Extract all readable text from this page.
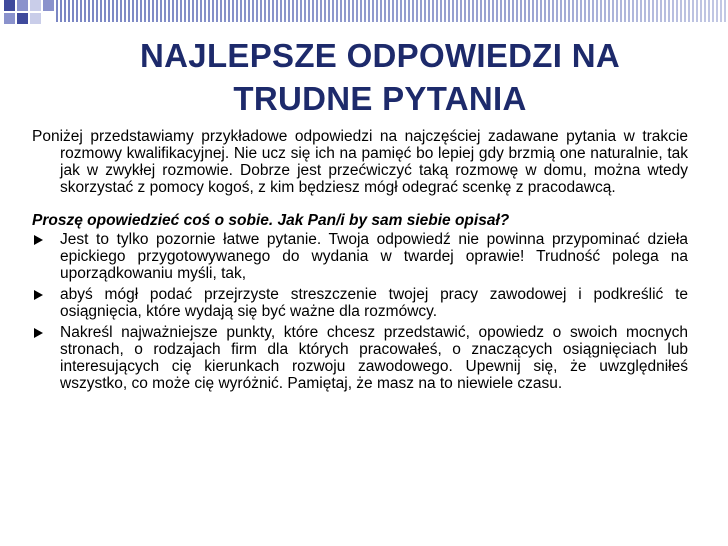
NAJLEPSZE ODPOWIEDZI NA
TRUDNE PYTANIA

Poniżej przedstawiamy przykładowe odpowiedzi na najczęściej zadawane pytania w trakcie rozmowy kwalifikacyjnej. Nie ucz się ich na pamięć bo lepiej gdy brzmią one naturalnie, tak jak w zwykłej rozmowie. Dobrze jest przećwiczyć taką rozmowę w domu, można wtedy skorzystać z pomocy kogoś, z kim będziesz mógł odegrać scenkę z pracodawcą.

Proszę opowiedzieć coś o sobie. Jak Pan/i by sam siebie opisał?

Jest to tylko pozornie łatwe pytanie. Twoja odpowiedź nie powinna przypominać dzieła epickiego przygotowywanego do wydania w twardej oprawie! Trudność polega na uporządkowaniu myśli, tak,
abyś mógł podać przejrzyste streszczenie twojej pracy zawodowej i podkreślić te osiągnięcia, które wydają się być ważne dla rozmówcy.
Nakreśl najważniejsze punkty, które chcesz przedstawić, opowiedz o swoich mocnych stronach, o rodzajach firm dla których pracowałeś, o znaczących osiągnięciach lub interesujących cię kierunkach rozwoju zawodowego. Upewnij się, że uwzględniłeś wszystko, co może cię wyróżnić. Pamiętaj, że masz na to niewiele czasu.
